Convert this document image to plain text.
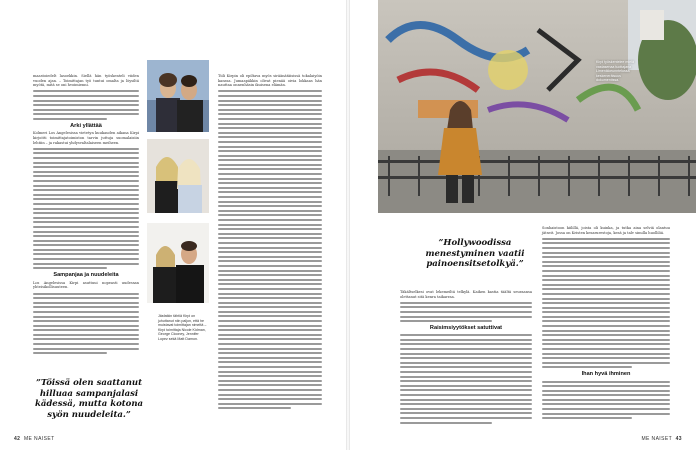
maastoiedelt lasoekkin. Siellä hän työskenteli viiden vuoden ajan. – Toimittajan työ tuntui omalta ja löysiltä myötä, mitä se oni hvoimienni.

Arki yllättää

Kolmeri Los Angelesissa vietetyn kuukauden aikana Kirpi kirjoitti toimittajatoimiston tarvin juttuja suomalaisiin lehtiin – ja rakastui yhdysvaltalaiseen meiheen.

Sampanjaa ja nuudeleita

Los Angelesissa Kirpi asuttuui nopeasti uudessan yhteisikollisuuteen.

”Töissä olen saattanut hilluaa sampanjalasi kädessä, mutta kotona syön nuudeleita.”
Jäsfatkin tähtiä Kirpi on juhuttanut niin paljon, että he muistavat toimittajan nimeltä – Kirpi toimittaja Nicole Kidman, George Clooney, Jennifer Lopez sekä Matt Damon.

Tiili Kirpin oli epiltava myös siräänätäisissä tokalaiyöin kanssa. Jumaapäkkin olivat pienää oivia lokkaas hän nauttaa onnenhäsin ikuisena elämän.

42 ME NAISET
Kirpi työskentelee mielä vastasenaa tuottajana Limenikkeunntelussa keskeneräisuus dokumentissa.
”Hollywoodissa menestyminen vaatii painoensitsetolkyä.”

Täkältselkesi ovat lekemeiltä telkylä. Kaiken kastia täältä seuraansa olettanut sitä kenra taikarraa.

Raisimsiyytökset satuttivat

Sonhaistoon kiilillä, joista oli kuinka, ja tutka aina selviä olantuu jätseit. Jossa on Kristen kesarurestoja, kesä ja talv sinulla huolliliä.

Ihan hyvä ihminen
ME NAISET 43
